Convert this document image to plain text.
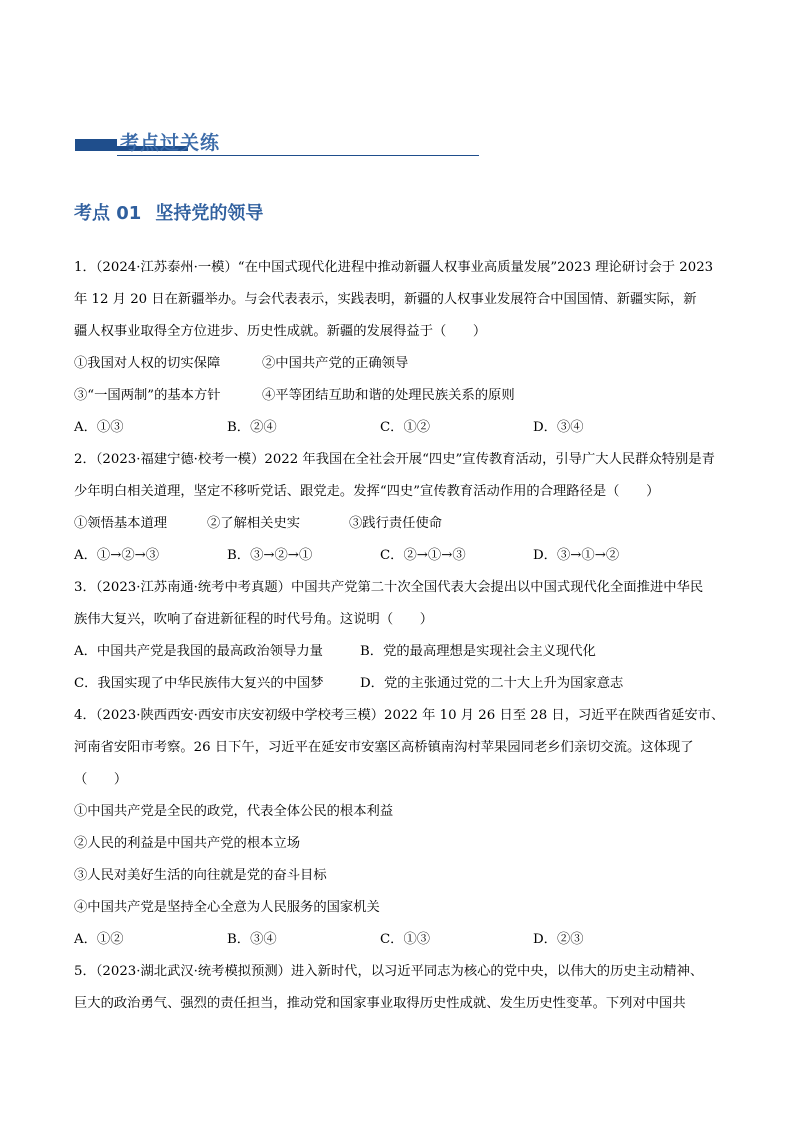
考点过关练
考点 01 坚持党的领导
1．（2024·江苏泰州·一模）“在中国式现代化进程中推动新疆人权事业高质量发展”2023 理论研讨会于 2023
年 12 月 20 日在新疆举办。与会代表表示，实践表明，新疆的人权事业发展符合中国国情、新疆实际，新
疆人权事业取得全方位进步、历史性成就。新疆的发展得益于（　　）
①我国对人权的切实保障	②中国共产党的正确领导
③“一国两制”的基本方针	④平等团结互助和谐的处理民族关系的原则
A．①③	B．②④	C．①②	D．③④
2．（2023·福建宁德·校考一模）2022 年我国在全社会开展“四史”宣传教育活动，引导广大人民群众特别是青
少年明白相关道理，坚定不移听党话、跟党走。发挥“四史”宣传教育活动作用的合理路径是（　　）
①领悟基本道理	②了解相关史实	③践行责任使命
A．①→②→③	B．③→②→①	C．②→①→③	D．③→①→②
3．（2023·江苏南通·统考中考真题）中国共产党第二十次全国代表大会提出以中国式现代化全面推进中华民
族伟大复兴，吹响了奋进新征程的时代号角。这说明（　　）
A．中国共产党是我国的最高政治领导力量	B．党的最高理想是实现社会主义现代化
C．我国实现了中华民族伟大复兴的中国梦	D．党的主张通过党的二十大上升为国家意志
4．（2023·陕西西安·西安市庆安初级中学校考三模）2022 年 10 月 26 日至 28 日，习近平在陕西省延安市、
河南省安阳市考察。26 日下午，习近平在延安市安塞区高桥镇南沟村苹果园同老乡们亲切交流。这体现了
（　　）
①中国共产党是全民的政党，代表全体公民的根本利益
②人民的利益是中国共产党的根本立场
③人民对美好生活的向往就是党的奋斗目标
④中国共产党是坚持全心全意为人民服务的国家机关
A．①②	B．③④	C．①③	D．②③
5．（2023·湖北武汉·统考模拟预测）进入新时代，以习近平同志为核心的党中央，以伟大的历史主动精神、
巨大的政治勇气、强烈的责任担当，推动党和国家事业取得历史性成就、发生历史性变革。下列对中国共
